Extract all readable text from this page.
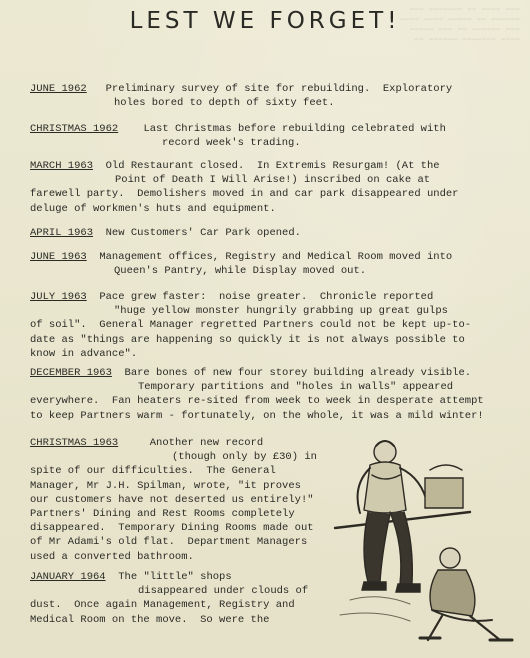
~~~ ~~~~ ~~ ~~~~~~~ ~~~
~~~~~~ ~~ ~~~~~ ~~~~ ~~~~
~~~ ~~~~~~ ~~ ~~~ ~~~~~
~~~~ ~~~~~~~ ~~~~~~ ~~
LEST WE FORGET!

JUNE 1962 Preliminary survey of site for rebuilding.  Exploratory

holes bored to depth of sixty feet.

CHRISTMAS 1962 Last Christmas before rebuilding celebrated with

record week's trading.

MARCH 1963 Old Restaurant closed.  In Extremis Resurgam! (At the

Point of Death I Will Arise!) inscribed on cake at

farewell party.  Demolishers moved in and car park disappeared under

deluge of workmen's huts and equipment.

APRIL 1963 New Customers' Car Park opened.

JUNE 1963 Management offices, Registry and Medical Room moved into

Queen's Pantry, while Display moved out.

JULY 1963 Pace grew faster:  noise greater.  Chronicle reported

"huge yellow monster hungrily grabbing up great gulps

of soil".  General Manager regretted Partners could not be kept up-to-

date as "things are happening so quickly it is not always possible to

know in advance".

DECEMBER 1963 Bare bones of new four storey building already visible.

Temporary partitions and "holes in walls" appeared

everywhere.  Fan heaters re-sited from week to week in desperate attempt

to keep Partners warm - fortunately, on the whole, it was a mild winter!

CHRISTMAS 1963	Another new record

(though only by £30) in

spite of our difficulties.  The General

Manager, Mr J.H. Spilman, wrote, "it proves

our customers have not deserted us entirely!"

Partners' Dining and Rest Rooms completely

disappeared.  Temporary Dining Rooms made out

of Mr Adami's old flat.  Department Managers

used a converted bathroom.

JANUARY 1964 The "little" shops

disappeared under clouds of

dust.  Once again Management, Registry and

Medical Room on the move.  So were the
